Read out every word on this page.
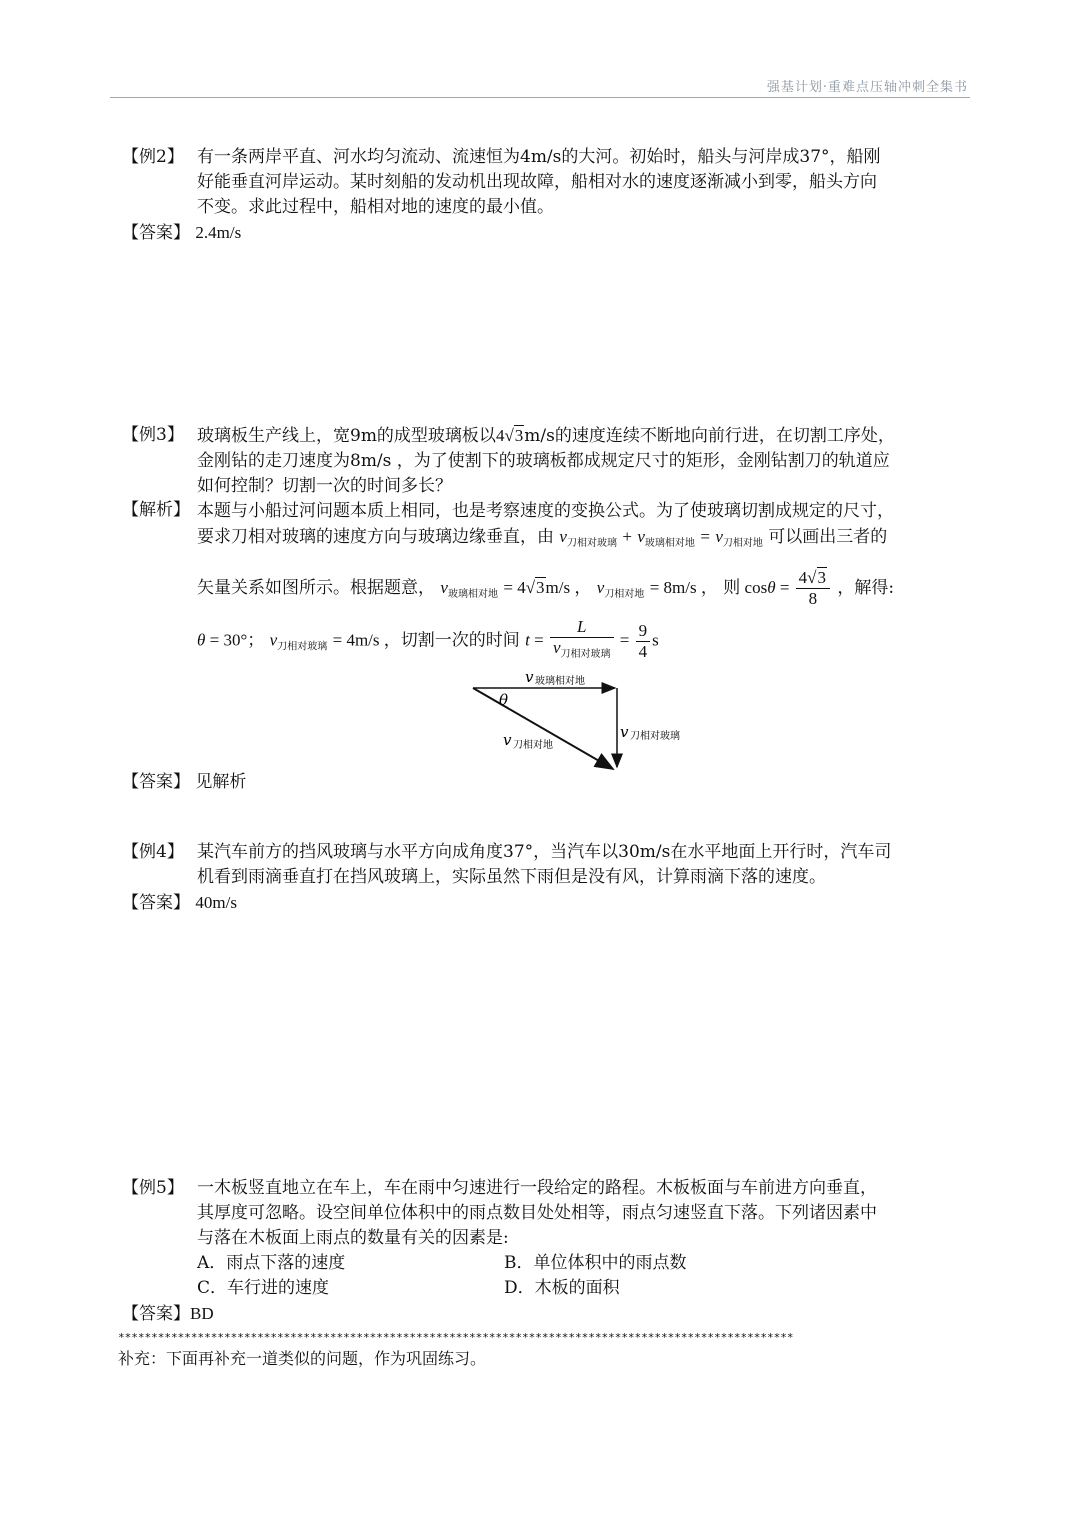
强基计划·重难点压轴冲刺全集书
【例2】 有一条两岸平直、河水均匀流动、流速恒为4m/s的大河。初始时，船头与河岸成37°，船刚
好能垂直河岸运动。某时刻船的发动机出现故障，船相对水的速度逐渐减小到零，船头方向
不变。求此过程中，船相对地的速度的最小值。
【答案】 2.4m/s
【例3】 玻璃板生产线上，宽9m的成型玻璃板以4√3m/s的速度连续不断地向前行进，在切割工序处，
金刚钻的走刀速度为8m/s ，为了使割下的玻璃板都成规定尺寸的矩形，金刚钻割刀的轨道应
如何控制？切割一次的时间多长？
【解析】 本题与小船过河问题本质上相同，也是考察速度的变换公式。为了使玻璃切割成规定的尺寸，
要求刀相对玻璃的速度方向与玻璃边缘垂直，由 $v_{刀相对玻璃} + v_{玻璃相对地} = v_{刀相对地}$ 可以画出三者的
矢量关系如图所示。根据题意， $v_{玻璃相对地} = 4√3m/s$ ， $v_{刀相对地} = 8m/s$ ， 则 $\cos\theta = \frac{4√3}{8}$ ，解得:
θ = 30°； $v_{刀相对玻璃} = 4m/s$ ，切割一次的时间 $t = \frac{L}{v_{刀相对玻璃}} = \frac{9}{4}$ s
v 玻璃相对地
v 刀相对玻璃
v 刀相对地
θ
【答案】 见解析
【例4】 某汽车前方的挡风玻璃与水平方向成角度37°，当汽车以30m/s在水平地面上开行时，汽车司
机看到雨滴垂直打在挡风玻璃上，实际虽然下雨但是没有风，计算雨滴下落的速度。
【答案】 40m/s
【例5】 一木板竖直地立在车上，车在雨中匀速进行一段给定的路程。木板板面与车前进方向垂直，
其厚度可忽略。设空间单位体积中的雨点数目处处相等，雨点匀速竖直下落。下列诸因素中
与落在木板面上雨点的数量有关的因素是:
A．雨点下落的速度	B．单位体积中的雨点数
C．车行进的速度	D．木板的面积
【答案】BD
******************************************************************************************************
补充：下面再补充一道类似的问题，作为巩固练习。
